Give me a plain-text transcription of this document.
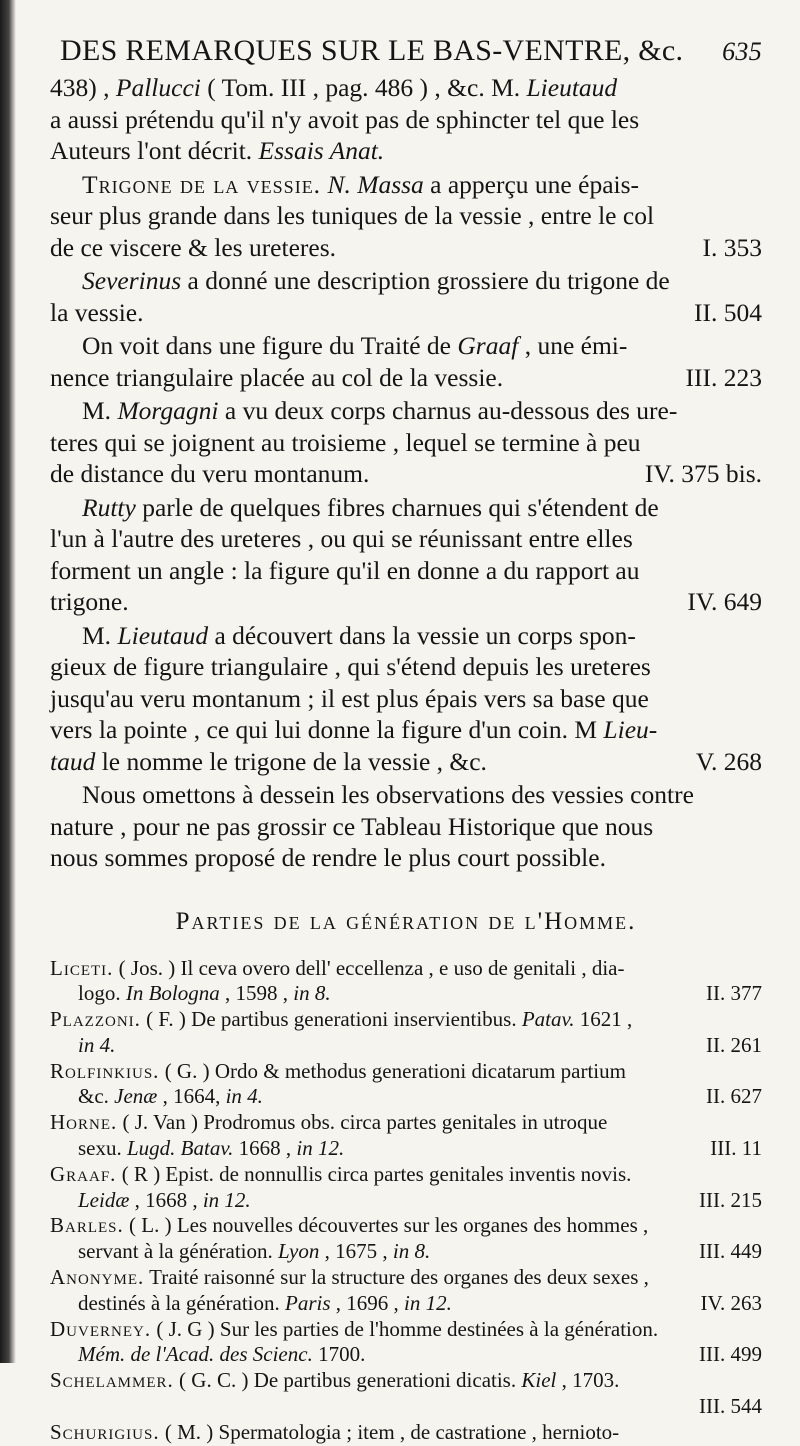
DES REMARQUES SUR LE BAS-VENTRE, &c. 635
438) , Pallucci ( Tom. III , pag. 486 ) , &c. M. Lieutaud
a aussi prétendu qu'il n'y avoit pas de sphincter tel que les
Auteurs l'ont décrit. Essais Anat.
Trigone de la vessie. N. Massa a apperçu une épais-
seur plus grande dans les tuniques de la vessie , entre le col
de ce viscere & les ureteres.	I. 353
Severinus a donné une description grossiere du trigone de
la vessie.	II. 504
On voit dans une figure du Traité de Graaf , une émi-
nence triangulaire placée au col de la vessie.	III. 223
M. Morgagni a vu deux corps charnus au-dessous des ure-
teres qui se joignent au troisieme , lequel se termine à peu
de distance du veru montanum.	IV. 375 bis.
Rutty parle de quelques fibres charnues qui s'étendent de
l'un à l'autre des ureteres , ou qui se réunissant entre elles
forment un angle : la figure qu'il en donne a du rapport au
trigone.	IV. 649
M. Lieutaud a découvert dans la vessie un corps spon-
gieux de figure triangulaire , qui s'étend depuis les ureteres
jusqu'au veru montanum ; il est plus épais vers sa base que
vers la pointe , ce qui lui donne la figure d'un coin. M Lieu-
taud le nomme le trigone de la vessie , &c.	V. 268
Nous omettons à dessein les observations des vessies contre
nature , pour ne pas grossir ce Tableau Historique que nous
nous sommes proposé de rendre le plus court possible.
Parties de la génération de l'Homme.
Liceti. ( Jos. ) Il ceva overo dell' eccellenza , e uso de genitali , dia-
logo. In Bologna , 1598 , in 8.	II. 377
Plazzoni. ( F. ) De partibus generationi inservientibus. Patav. 1621 ,
in 4.	II. 261
Rolfinkius. ( G. ) Ordo & methodus generationi dicatarum partium
&c. Jenæ , 1664, in 4.	II. 627
Horne. ( J. Van ) Prodromus obs. circa partes genitales in utroque
sexu. Lugd. Batav. 1668 , in 12.	III. 11
Graaf. ( R ) Epist. de nonnullis circa partes genitales inventis novis.
Leidæ , 1668 , in 12.	III. 215
Barles. ( L. ) Les nouvelles découvertes sur les organes des hommes ,
servant à la génération. Lyon , 1675 , in 8.	III. 449
Anonyme. Traité raisonné sur la structure des organes des deux sexes ,
destinés à la génération. Paris , 1696 , in 12.	IV. 263
Duverney. ( J. G ) Sur les parties de l'homme destinées à la génération.
Mém. de l'Acad. des Scienc. 1700.	III. 499
Schelammer. ( G. C. ) De partibus generationi dicatis. Kiel , 1703.
III. 544
Schurigius. ( M. ) Spermatologia ; item , de castratione , hernioto-
